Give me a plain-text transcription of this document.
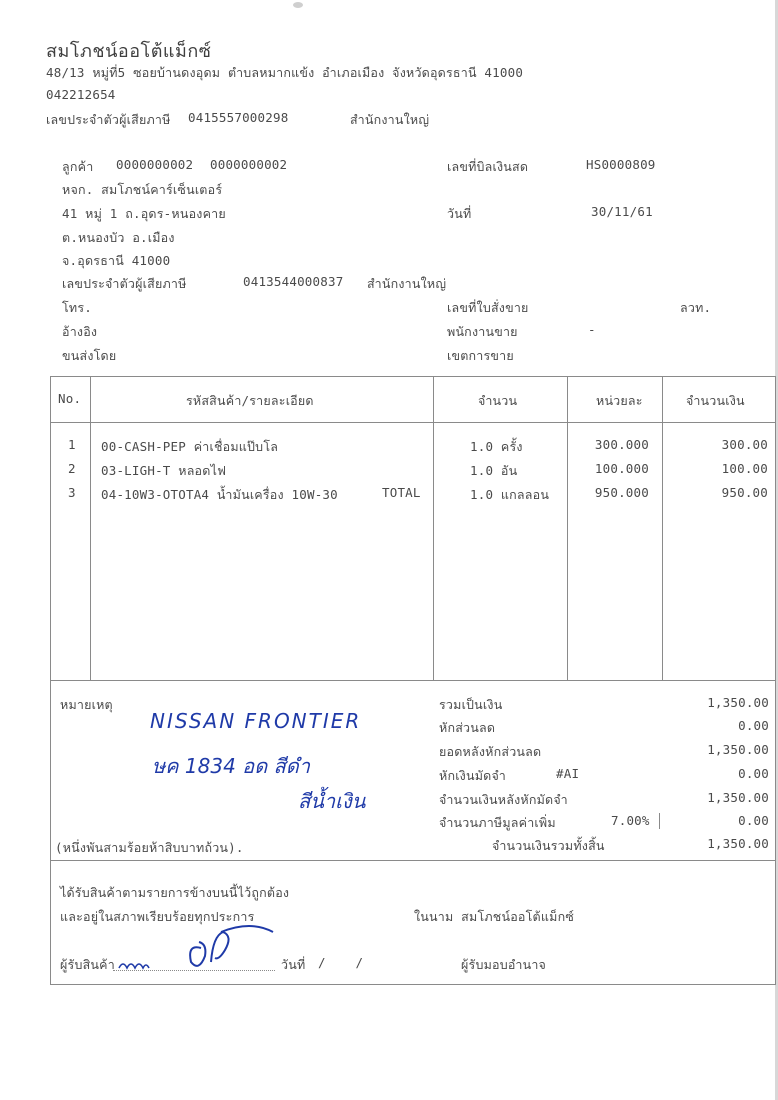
สมโภชน์ออโต้แม็กซ์
48/13 หมู่ที่5 ซอยบ้านดงอุดม ตำบลหมากแข้ง อำเภอเมือง จังหวัดอุดรธานี 41000
042212654
เลขประจำตัวผู้เสียภาษี 0415557000298	สำนักงานใหญ่
ลูกค้า 0000000002 0000000002
หจก. สมโภชน์คาร์เซ็นเตอร์
41 หมู่ 1 ถ.อุดร-หนองคาย
ต.หนองบัว อ.เมือง
จ.อุดรธานี 41000
เลขประจำตัวผู้เสียภาษี	0413544000837 สำนักงานใหญ่
โทร.
อ้างอิง
ขนส่งโดย
เลขที่บิลเงินสด	HS0000809
วันที่	30/11/61
เลขที่ใบสั่งขาย	ลวท.
พนักงานขาย	-
เขตการขาย
No.	รหัสสินค้า/รายละเอียด	จำนวน	หน่วยละ	จำนวนเงิน
1 00-CASH-PEP ค่าเชื่อมแป๊บโล	1.0 ครั้ง	300.000	300.00
2 03-LIGH-T หลอดไฟ	1.0 อัน	100.000	100.00
3 04-10W3-OTOTA4 น้ำมันเครื่อง 10W-30	TOTAL	1.0 แกลลอน	950.000	950.00
หมายเหตุ	รวมเป็นเงิน	1,350.00
หักส่วนลด	0.00
ยอดหลังหักส่วนลด	1,350.00
หักเงินมัดจำ	#AI	0.00
จำนวนเงินหลังหักมัดจำ	1,350.00
จำนวนภาษีมูลค่าเพิ่ม	7.00%	0.00
(หนึ่งพันสามร้อยห้าสิบบาทถ้วน).	จำนวนเงินรวมทั้งสิ้น	1,350.00
NISSAN FRONTIER
ษค 1834 อด สีดำ
สีน้ำเงิน
ได้รับสินค้าตามรายการข้างบนนี้ไว้ถูกต้อง
และอยู่ในสภาพเรียบร้อยทุกประการ	ในนาม สมโภชน์ออโต้แม็กซ์
ผู้รับสินค้า	วันที่ / /	ผู้รับมอบอำนาจ
